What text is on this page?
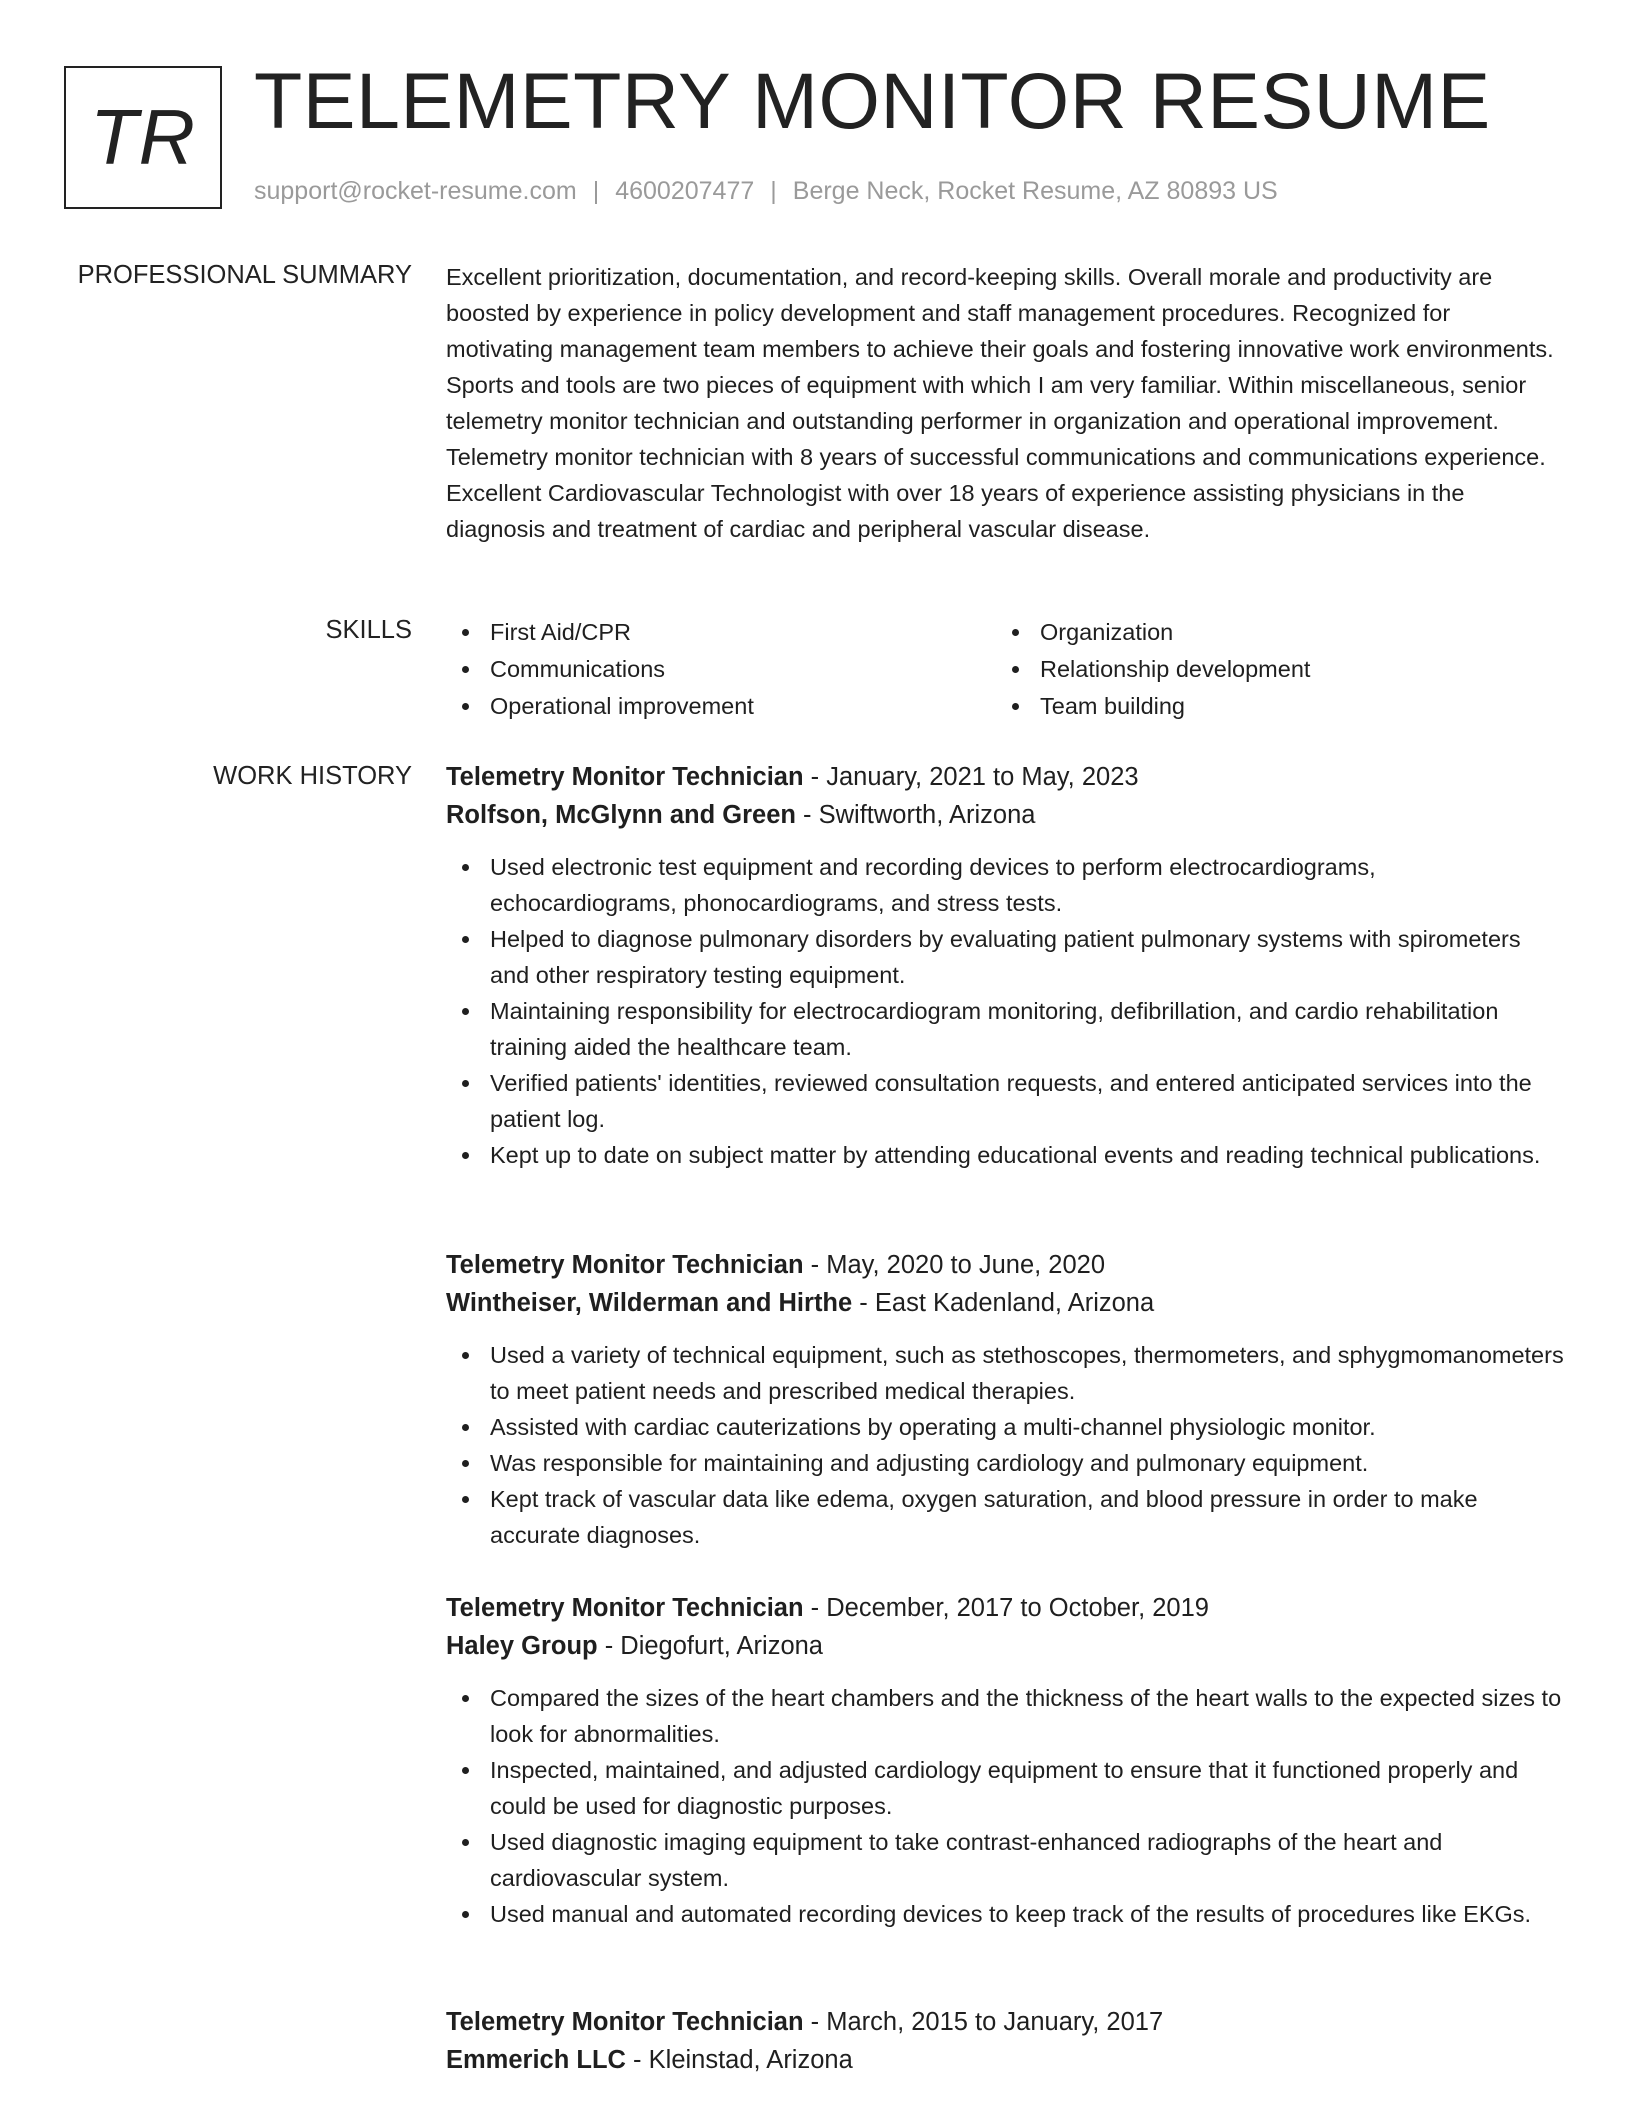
TR TELEMETRY MONITOR RESUME
support@rocket-resume.com | 4600207477 | Berge Neck, Rocket Resume, AZ 80893 US
PROFESSIONAL SUMMARY Excellent prioritization, documentation, and record-keeping skills. Overall morale and productivity are boosted by experience in policy development and staff management procedures. Recognized for motivating management team members to achieve their goals and fostering innovative work environments. Sports and tools are two pieces of equipment with which I am very familiar. Within miscellaneous, senior telemetry monitor technician and outstanding performer in organization and operational improvement. Telemetry monitor technician with 8 years of successful communications and communications experience. Excellent Cardiovascular Technologist with over 18 years of experience assisting physicians in the diagnosis and treatment of cardiac and peripheral vascular disease.
SKILLS	First Aid/CPR
Communications
Operational improvement
Organization
Relationship development
Team building
WORK HISTORY Telemetry Monitor Technician - January, 2021 to May, 2023
Rolfson, McGlynn and Green - Swiftworth, Arizona
Used electronic test equipment and recording devices to perform electrocardiograms, echocardiograms, phonocardiograms, and stress tests.
Helped to diagnose pulmonary disorders by evaluating patient pulmonary systems with spirometers and other respiratory testing equipment.
Maintaining responsibility for electrocardiogram monitoring, defibrillation, and cardio rehabilitation training aided the healthcare team.
Verified patients' identities, reviewed consultation requests, and entered anticipated services into the patient log.
Kept up to date on subject matter by attending educational events and reading technical publications.
Telemetry Monitor Technician - May, 2020 to June, 2020
Wintheiser, Wilderman and Hirthe - East Kadenland, Arizona
Used a variety of technical equipment, such as stethoscopes, thermometers, and sphygmomanometers to meet patient needs and prescribed medical therapies.
Assisted with cardiac cauterizations by operating a multi-channel physiologic monitor.
Was responsible for maintaining and adjusting cardiology and pulmonary equipment.
Kept track of vascular data like edema, oxygen saturation, and blood pressure in order to make accurate diagnoses.
Telemetry Monitor Technician - December, 2017 to October, 2019
Haley Group - Diegofurt, Arizona
Compared the sizes of the heart chambers and the thickness of the heart walls to the expected sizes to look for abnormalities.
Inspected, maintained, and adjusted cardiology equipment to ensure that it functioned properly and could be used for diagnostic purposes.
Used diagnostic imaging equipment to take contrast-enhanced radiographs of the heart and cardiovascular system.
Used manual and automated recording devices to keep track of the results of procedures like EKGs.
Telemetry Monitor Technician - March, 2015 to January, 2017
Emmerich LLC - Kleinstad, Arizona
